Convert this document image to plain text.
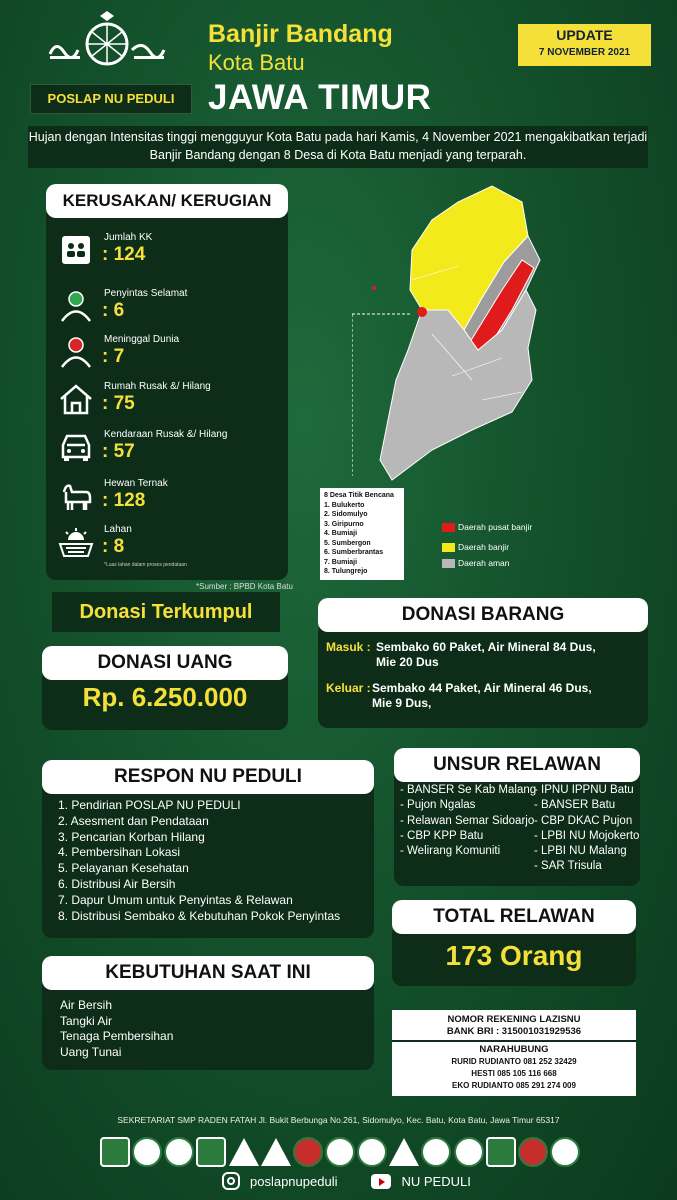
POSLAP NU PEDULI
Banjir Bandang
Kota Batu
JAWA TIMUR
UPDATE
7 NOVEMBER 2021
Hujan dengan Intensitas tinggi mengguyur Kota Batu pada hari Kamis, 4 November 2021 mengakibatkan terjadi Banjir Bandang dengan 8 Desa di Kota Batu menjadi yang terparah.
KERUSAKAN/ KERUGIAN
Jumlah KK
: 124
Penyintas Selamat
: 6
Meninggal Dunia
: 7
Rumah Rusak &/ Hilang
: 75
Kendaraan Rusak &/ Hilang
: 57
Hewan Ternak
: 128
Lahan
: 8
*Luas lahan dalam proses pendataan
*Sumber : BPBD Kota Batu
8 Desa Titik Bencana
1. Bulukerto
2. Sidomulyo
3. Giripurno
4. Bumiaji
5. Sumbergon
6. Sumberbrantas
7. Bumiaji
8. Tulungrejo
Daerah pusat banjir
Daerah banjir
Daerah aman
Donasi Terkumpul
DONASI UANG
Rp. 6.250.000
DONASI BARANG
Masuk : Sembako 60 Paket, Air Mineral 84 Dus,
Mie 20 Dus
Keluar : Sembako 44 Paket, Air Mineral 46 Dus,
Mie 9 Dus,
RESPON NU PEDULI
1. Pendirian POSLAP NU PEDULI
2. Asesment dan Pendataan
3. Pencarian Korban Hilang
4. Pembersihan Lokasi
5. Pelayanan Kesehatan
6. Distribusi Air Bersih
7. Dapur Umum untuk Penyintas & Relawan
8. Distribusi Sembako & Kebutuhan Pokok Penyintas
UNSUR RELAWAN
- BANSER Se Kab Malang
- Pujon Ngalas
- Relawan Semar Sidoarjo
- CBP KPP Batu
- Welirang Komuniti
- IPNU IPPNU Batu
- BANSER Batu
- CBP DKAC Pujon
- LPBI NU Mojokerto
- LPBI NU Malang
- SAR Trisula
TOTAL RELAWAN
173 Orang
KEBUTUHAN SAAT INI
Air Bersih
Tangki Air
Tenaga Pembersihan
Uang Tunai
NOMOR REKENING LAZISNU
BANK BRI : 315001031929536
NARAHUBUNG
RURID RUDIANTO 081 252 32429
HESTI 085 105 116 668
EKO RUDIANTO 085 291 274 009
SEKRETARIAT SMP RADEN FATAH Jl. Bukit Berbunga No.261, Sidomulyo, Kec. Batu, Kota Batu, Jawa Timur 65317
poslapnupeduli	NU PEDULI
